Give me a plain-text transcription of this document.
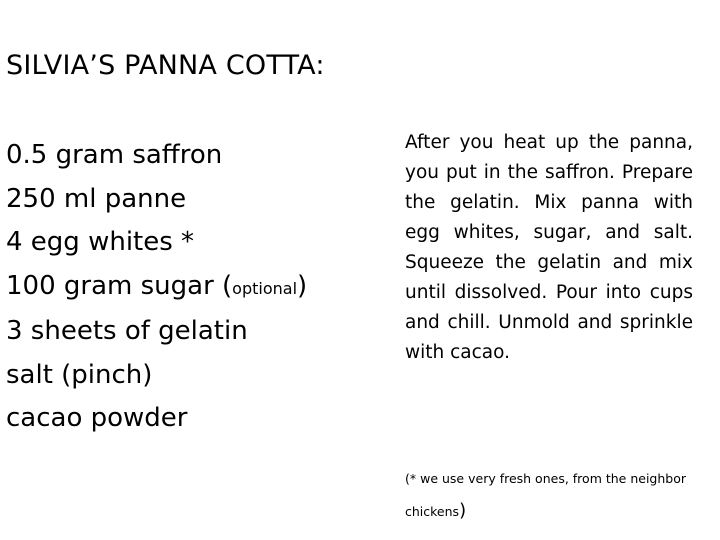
SILVIA’S PANNA COTTA:
0.5 gram saffron
250 ml panne
4 egg whites *
100 gram sugar (optional)
3 sheets of gelatin
salt (pinch)
cacao powder

After you heat up the panna, you put in the saffron. Prepare the gelatin. Mix panna with egg whites, sugar, and salt. Squeeze the gelatin and mix until dissolved. Pour into cups and chill. Unmold and sprinkle with cacao.

(* we use very fresh ones, from the neighbor chickens)
